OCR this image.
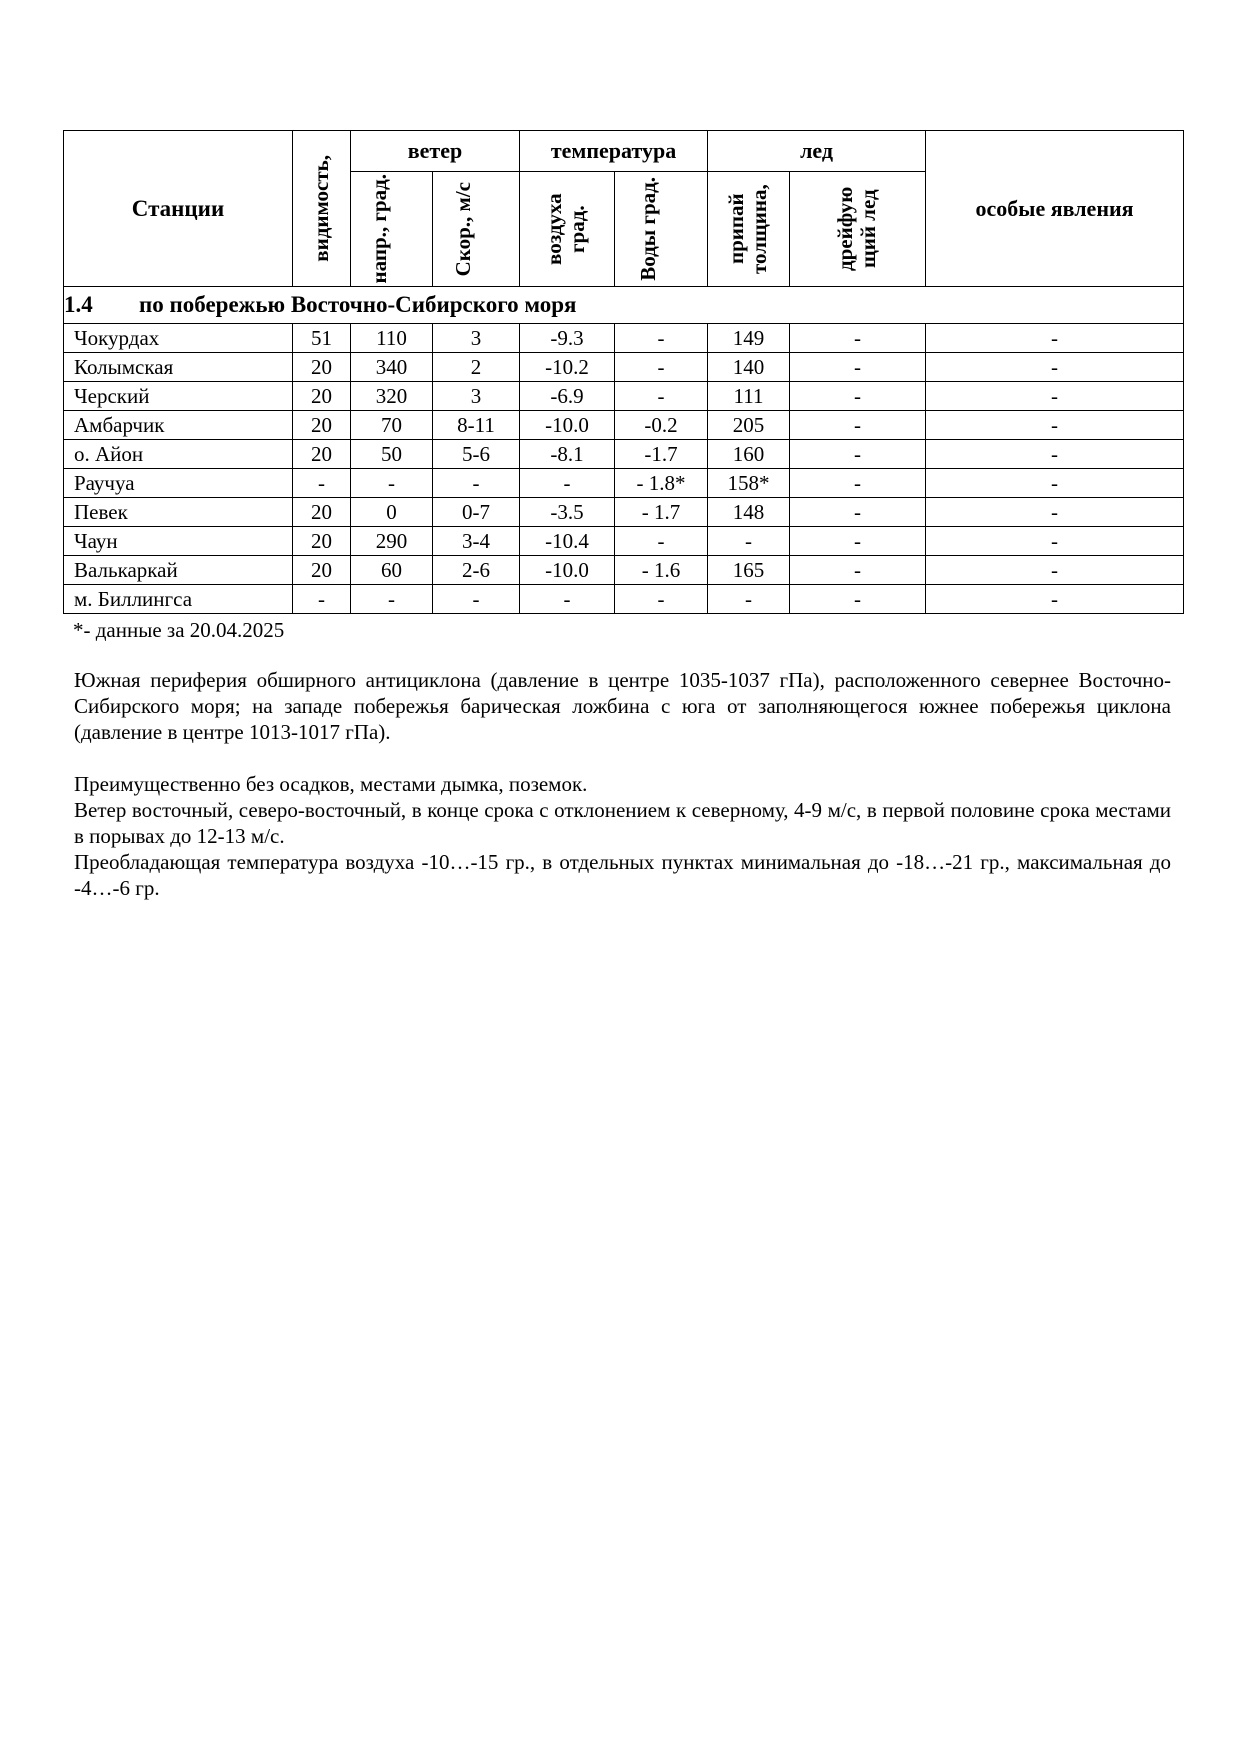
Станции	видимость,	ветер		температура		лед		особые явления

		напр., град.	Скор., м/с	воздуха град.	Воды град.	припай толщина,	дрейфую щий лед	

1.4 по побережью Восточно-Сибирского моря								
Чокурдах	51	110	3	-9.3	-	149	-	-
Колымская	20	340	2	-10.2	-	140	-	-
Черский	20	320	3	-6.9	-	111	-	-
Амбарчик	20	70	8-11	-10.0	-0.2	205	-	-
о. Айон	20	50	5-6	-8.1	-1.7	160	-	-
Раучуа	-	-	-	-	- 1.8*	158*	-	-
Певек	20	0	0-7	-3.5	- 1.7	148	-	-
Чаун	20	290	3-4	-10.4	-	-	-	-
Валькаркай	20	60	2-6	-10.0	- 1.6	165	-	-
м. Биллингса	-	-	-	-	-	-	-	-
*- данные за 20.04.2025

Южная периферия обширного антициклона (давление в центре 1035-1037 гПа), расположенного севернее Восточно-Сибирского моря; на западе побережья барическая ложбина с юга от заполняющегося южнее побережья циклона (давление в центре 1013-1017 гПа).

Преимущественно без осадков, местами дымка, поземок.

Ветер восточный, северо-восточный, в конце срока с отклонением к северному, 4-9 м/с, в первой половине срока местами в порывах до 12-13 м/с.

Преобладающая температура воздуха -10…-15 гр., в отдельных пунктах минимальная до -18…-21 гр., максимальная до -4…-6 гр.
